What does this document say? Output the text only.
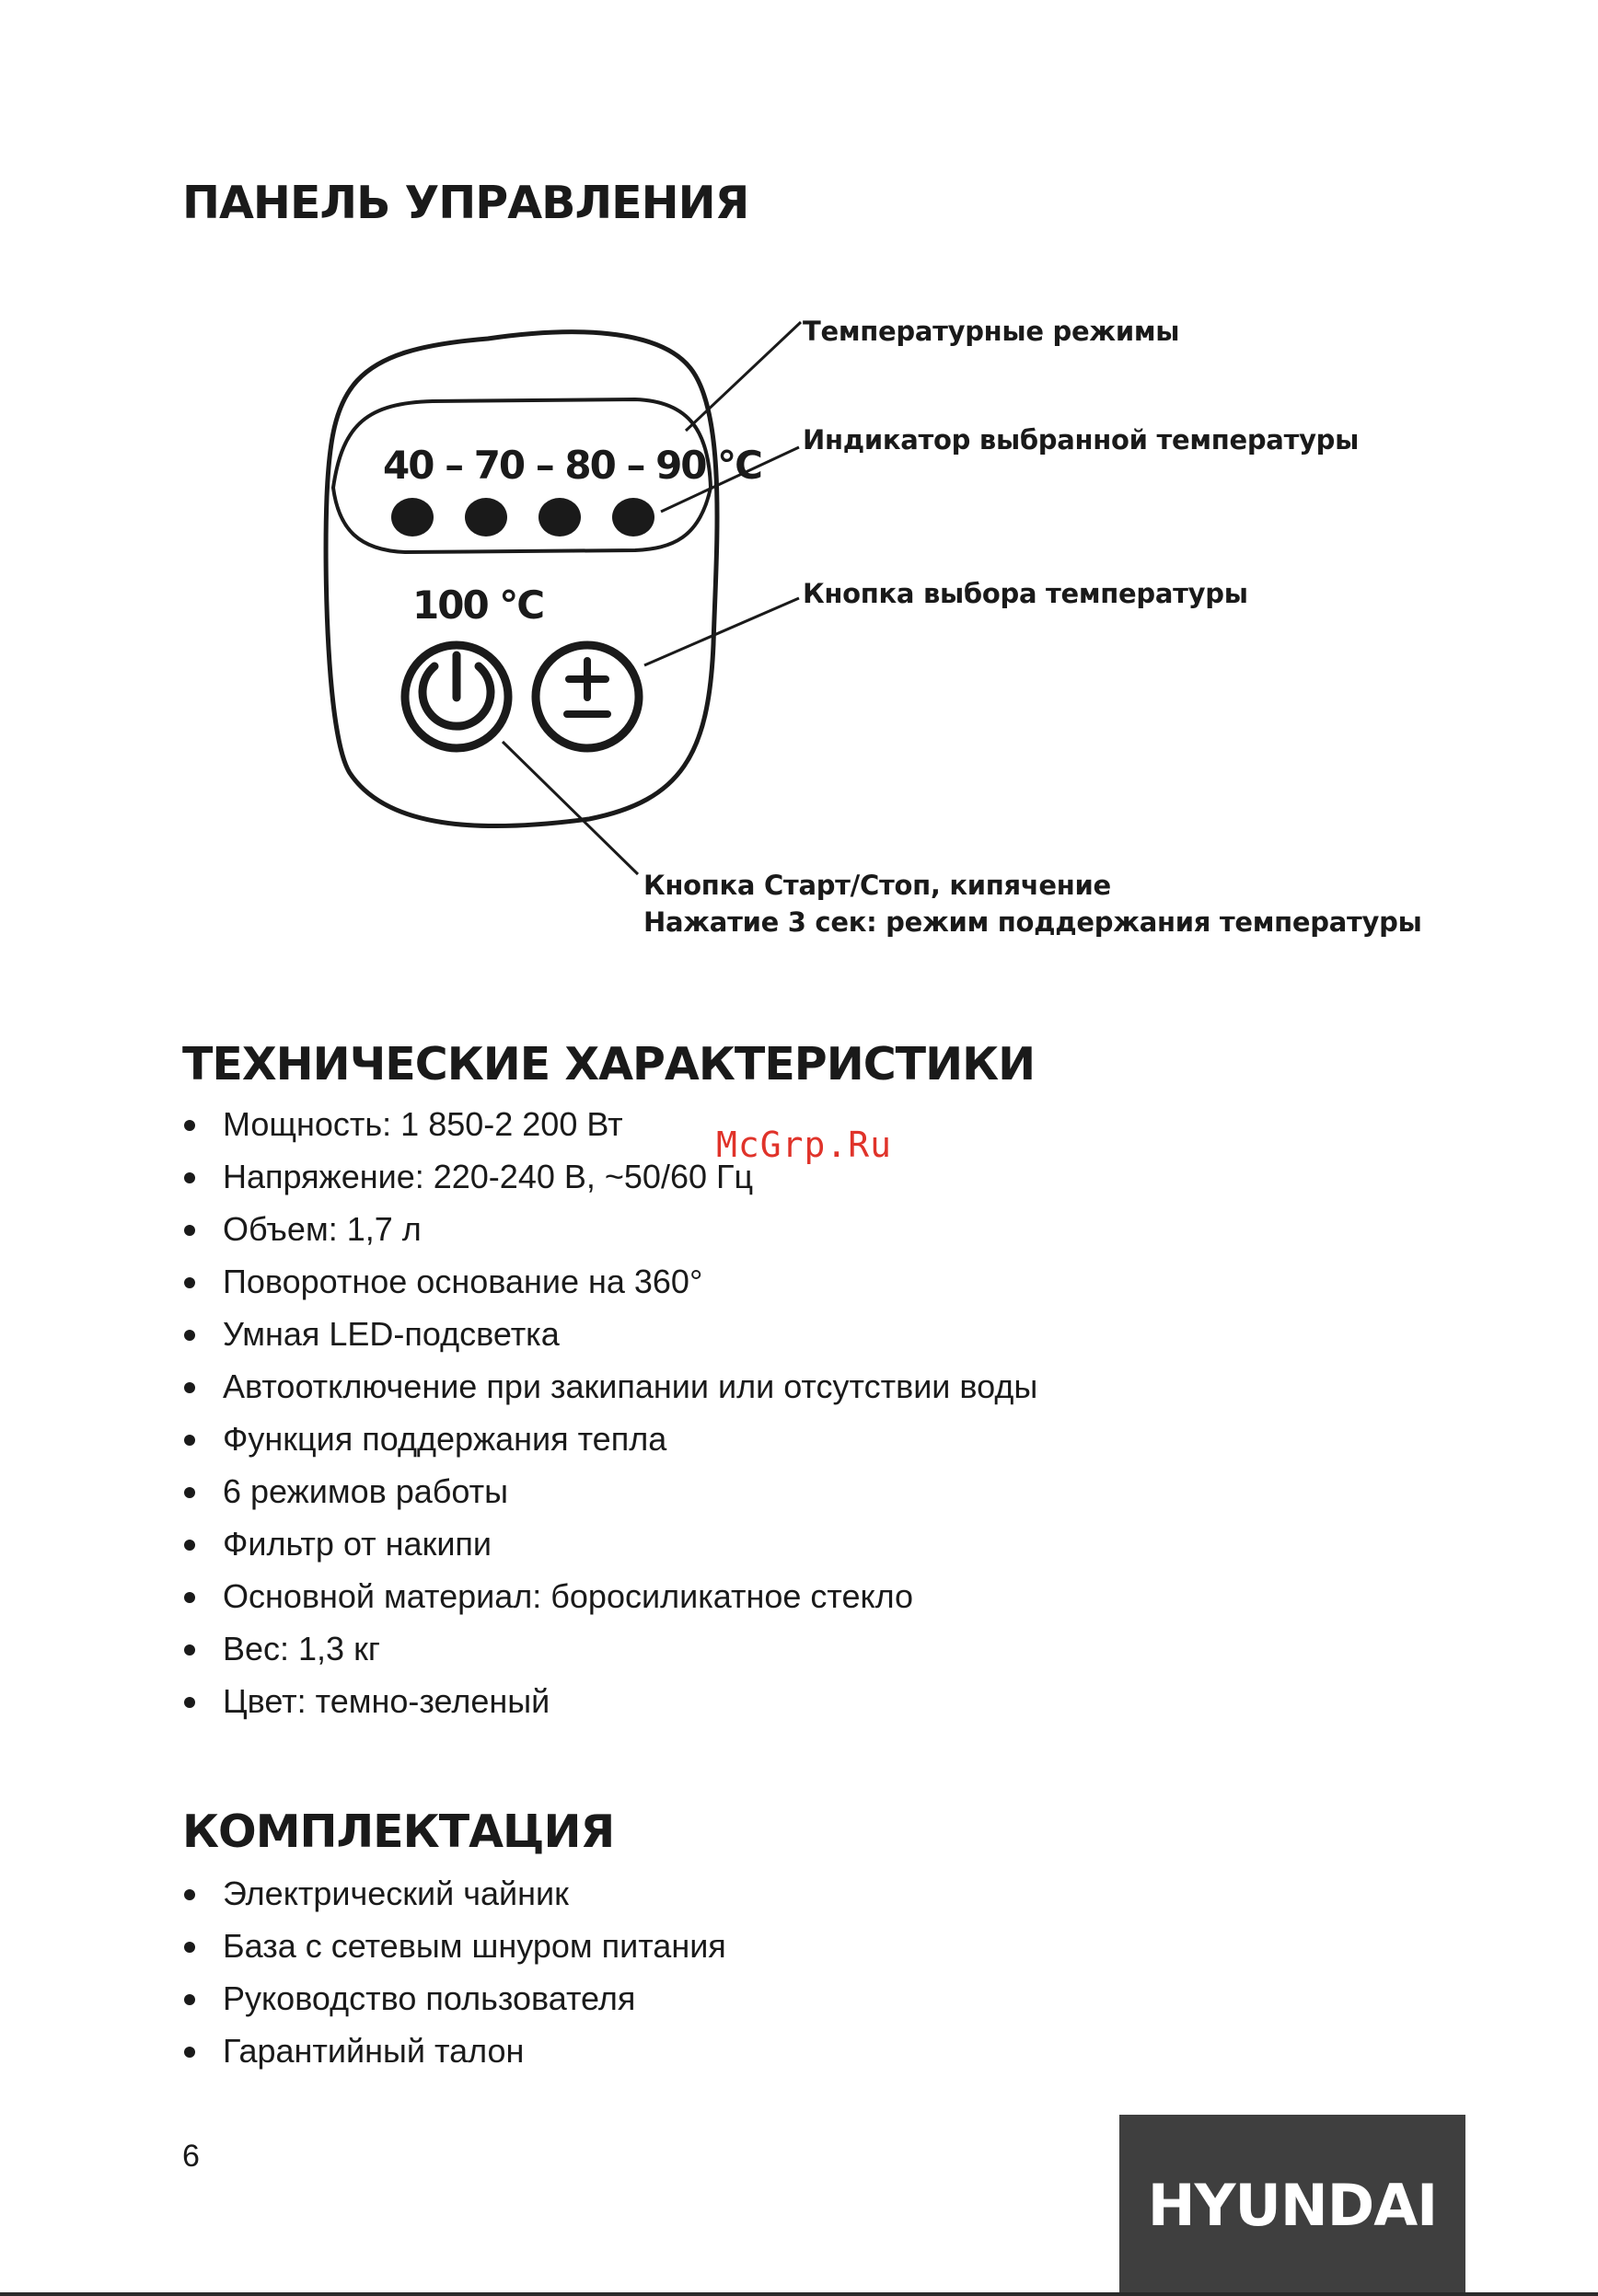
ПАНЕЛЬ УПРАВЛЕНИЯ
40 – 70 – 80 – 90 °C
100 °C
Температурные режимы
Индикатор выбранной температуры
Кнопка выбора температуры
Кнопка Старт/Стоп, кипячение
Нажатие 3 сек: режим поддержания температуры
ТЕХНИЧЕСКИЕ ХАРАКТЕРИСТИКИ
Мощность: 1 850-2 200 Вт
Напряжение: 220-240 В, ~50/60 Гц
Объем: 1,7 л
Поворотное основание на 360°
Умная LED-подсветка
Автоотключение при закипании или отсутствии воды
Функция поддержания тепла
6 режимов работы
Фильтр от накипи
Основной материал: боросиликатное стекло
Вес: 1,3 кг
Цвет: темно-зеленый
McGrp.Ru
КОМПЛЕКТАЦИЯ
Электрический чайник
База с сетевым шнуром питания
Руководство пользователя
Гарантийный талон
6
HYUNDAI
